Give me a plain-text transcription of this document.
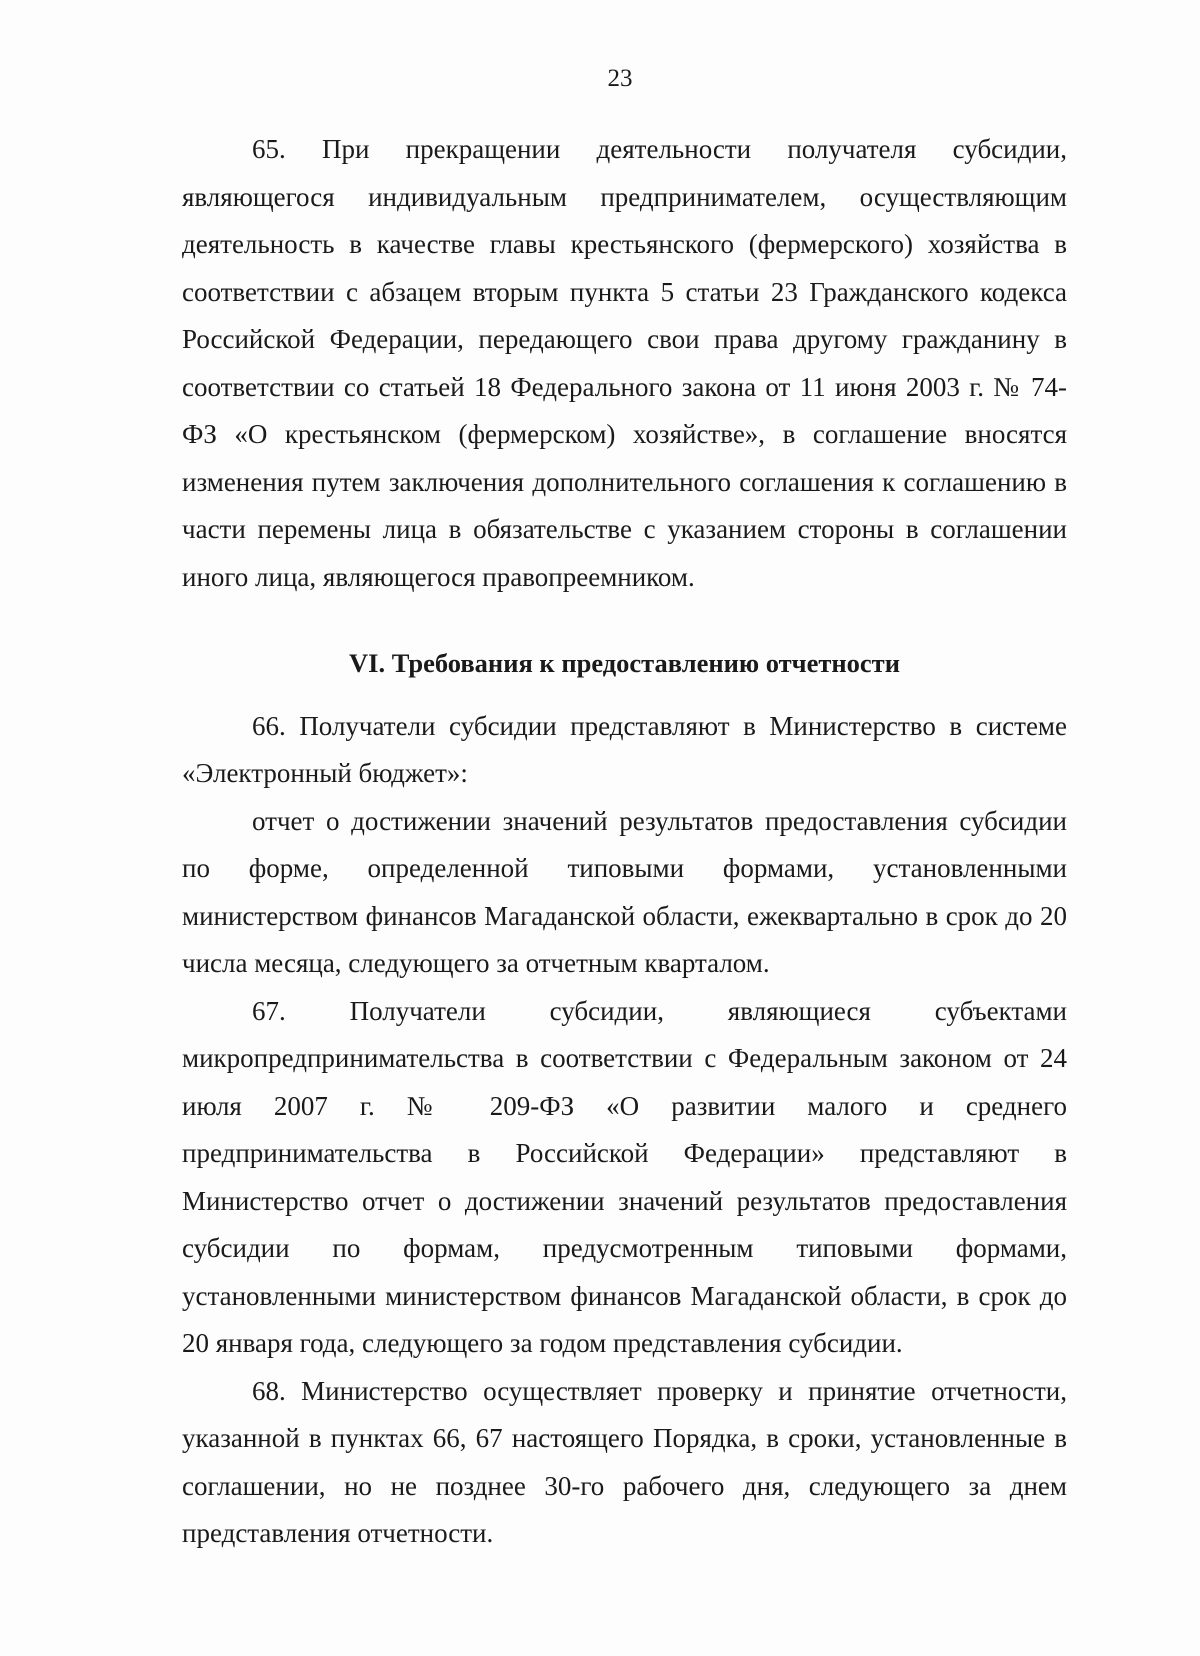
23

65. При прекращении деятельности получателя субсидии, являющегося индивидуальным предпринимателем, осуществляющим деятельность в качестве главы крестьянского (фермерского) хозяйства в соответствии с абзацем вторым пункта 5 статьи 23 Гражданского кодекса Российской Федерации, передающего свои права другому гражданину в соответствии со статьей 18 Федерального закона от 11 июня 2003 г. № 74-ФЗ «О крестьянском (фермерском) хозяйстве», в соглашение вносятся изменения путем заключения дополнительного соглашения к соглашению в части перемены лица в обязательстве с указанием стороны в соглашении иного лица, являющегося правопреемником.

VI. Требования к предоставлению отчетности

66. Получатели субсидии представляют в Министерство в системе «Электронный бюджет»:

отчет о достижении значений результатов предоставления субсидии по форме, определенной типовыми формами, установленными министерством финансов Магаданской области, ежеквартально в срок до 20 числа месяца, следующего за отчетным кварталом.

67. Получатели субсидии, являющиеся субъектами микропредпринимательства в соответствии с Федеральным законом от 24 июля 2007 г. № 209-ФЗ «О развитии малого и среднего предпринимательства в Российской Федерации» представляют в Министерство отчет о достижении значений результатов предоставления субсидии по формам, предусмотренным типовыми формами, установленными министерством финансов Магаданской области, в срок до 20 января года, следующего за годом представления субсидии.

68. Министерство осуществляет проверку и принятие отчетности, указанной в пунктах 66, 67 настоящего Порядка, в сроки, установленные в соглашении, но не позднее 30-го рабочего дня, следующего за днем представления отчетности.
